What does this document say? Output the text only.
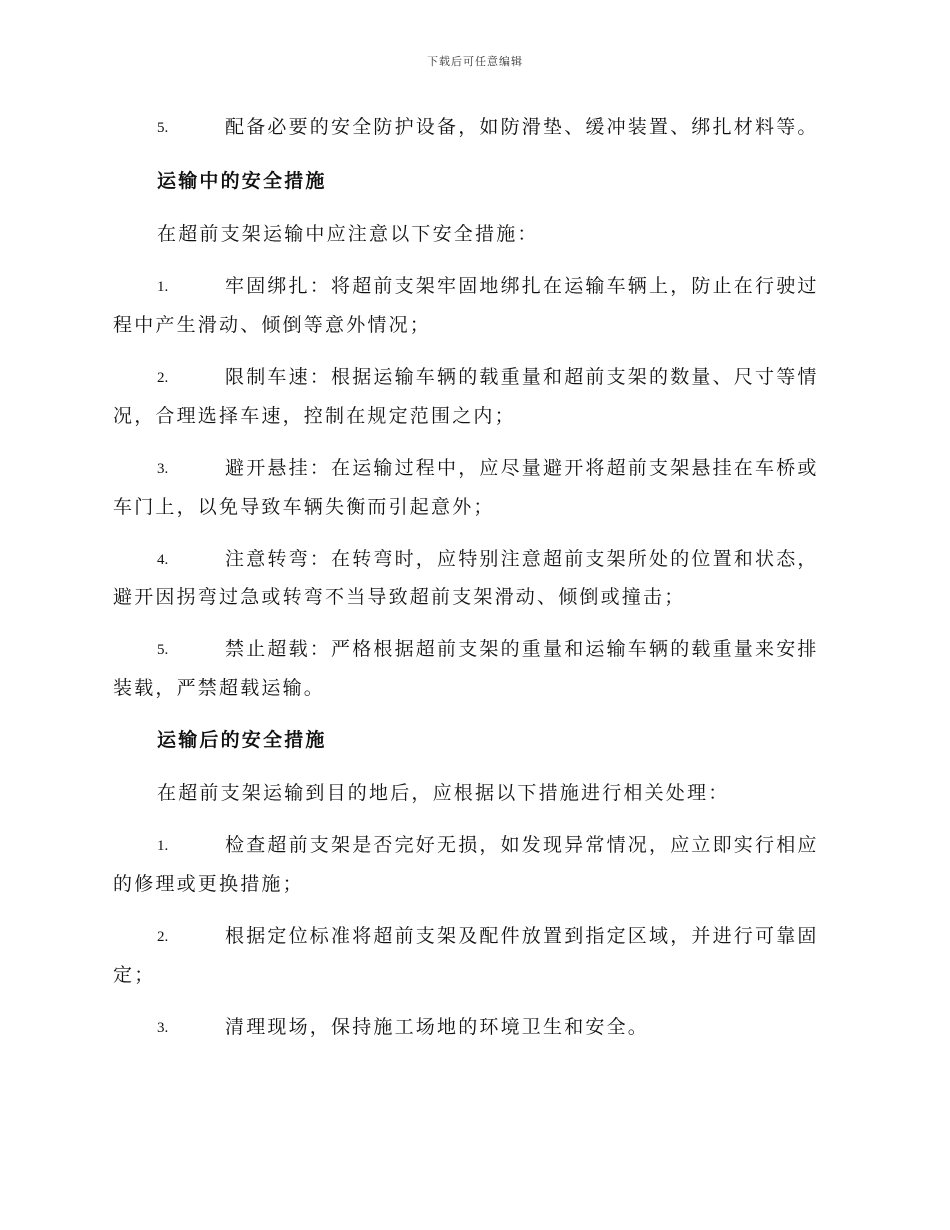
下载后可任意编辑
5.	配备必要的安全防护设备，如防滑垫、缓冲装置、绑扎材料等。
运输中的安全措施
在超前支架运输中应注意以下安全措施：
1.	牢固绑扎：将超前支架牢固地绑扎在运输车辆上，防止在行驶过
程中产生滑动、倾倒等意外情况；
2.	限制车速：根据运输车辆的载重量和超前支架的数量、尺寸等情
况，合理选择车速，控制在规定范围之内；
3.	避开悬挂：在运输过程中，应尽量避开将超前支架悬挂在车桥或
车门上，以免导致车辆失衡而引起意外；
4.	注意转弯：在转弯时，应特别注意超前支架所处的位置和状态，
避开因拐弯过急或转弯不当导致超前支架滑动、倾倒或撞击；
5.	禁止超载：严格根据超前支架的重量和运输车辆的载重量来安排
装载，严禁超载运输。
运输后的安全措施
在超前支架运输到目的地后，应根据以下措施进行相关处理：
1.	检查超前支架是否完好无损，如发现异常情况，应立即实行相应
的修理或更换措施；
2.	根据定位标准将超前支架及配件放置到指定区域，并进行可靠固
定；
3.	清理现场，保持施工场地的环境卫生和安全。
